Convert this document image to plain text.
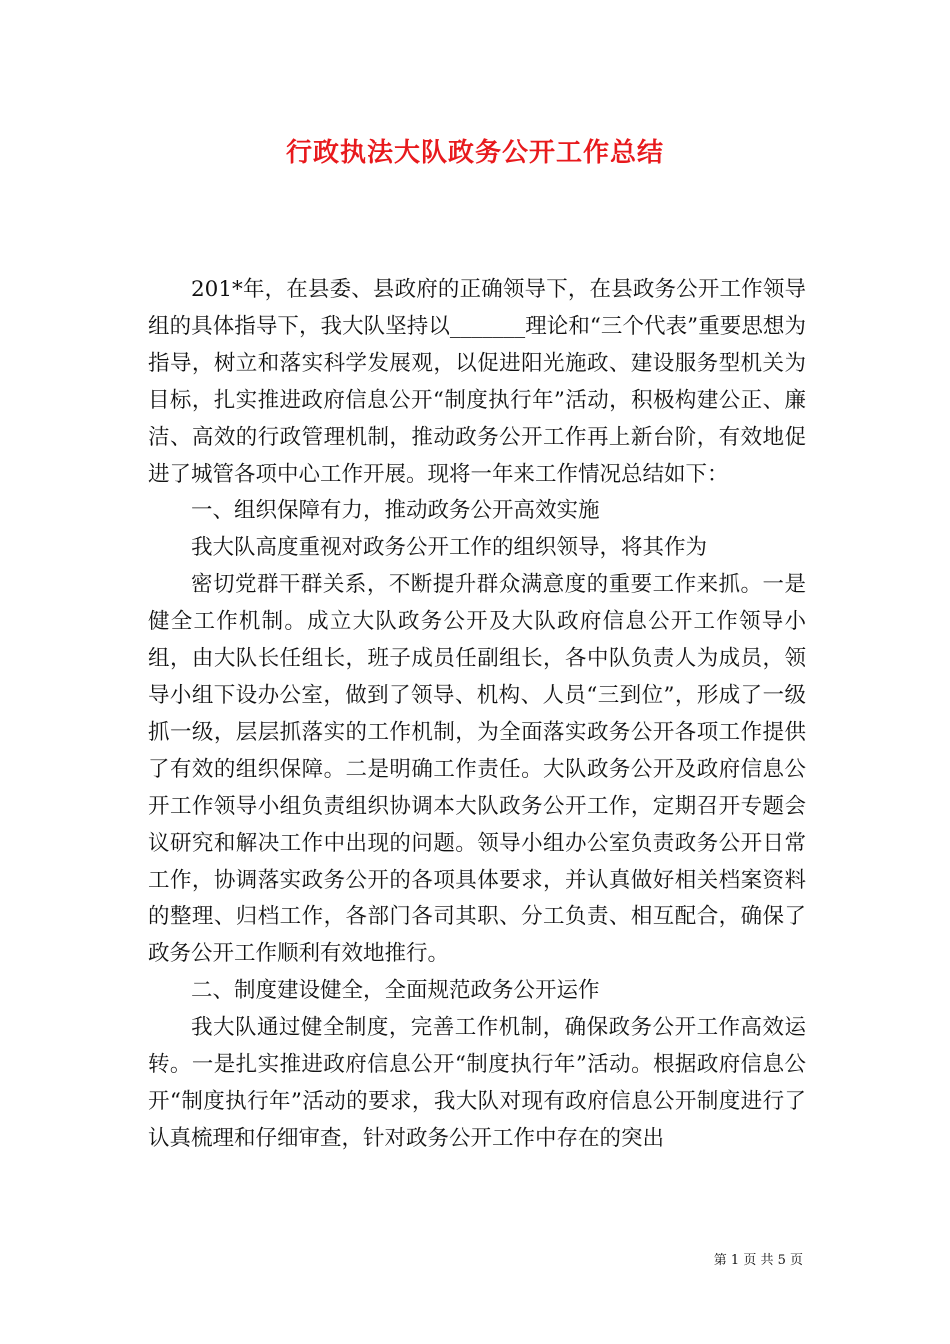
行政执法大队政务公开工作总结

201*年，在县委、县政府的正确领导下，在县政务公开工作领导组的具体指导下，我大队坚持以_______理论和“三个代表”重要思想为指导，树立和落实科学发展观，以促进阳光施政、建设服务型机关为目标，扎实推进政府信息公开“制度执行年”活动，积极构建公正、廉洁、高效的行政管理机制，推动政务公开工作再上新台阶，有效地促进了城管各项中心工作开展。现将一年来工作情况总结如下：

一、组织保障有力，推动政务公开高效实施

我大队高度重视对政务公开工作的组织领导，将其作为

密切党群干群关系，不断提升群众满意度的重要工作来抓。一是健全工作机制。成立大队政务公开及大队政府信息公开工作领导小组，由大队长任组长，班子成员任副组长，各中队负责人为成员，领导小组下设办公室，做到了领导、机构、人员“三到位”，形成了一级抓一级，层层抓落实的工作机制，为全面落实政务公开各项工作提供了有效的组织保障。二是明确工作责任。大队政务公开及政府信息公开工作领导小组负责组织协调本大队政务公开工作，定期召开专题会议研究和解决工作中出现的问题。领导小组办公室负责政务公开日常工作，协调落实政务公开的各项具体要求，并认真做好相关档案资料的整理、归档工作，各部门各司其职、分工负责、相互配合，确保了政务公开工作顺利有效地推行。

二、制度建设健全，全面规范政务公开运作

我大队通过健全制度，完善工作机制，确保政务公开工作高效运转。一是扎实推进政府信息公开“制度执行年”活动。根据政府信息公开“制度执行年”活动的要求，我大队对现有政府信息公开制度进行了认真梳理和仔细审查，针对政务公开工作中存在的突出

第 1 页 共 5 页
